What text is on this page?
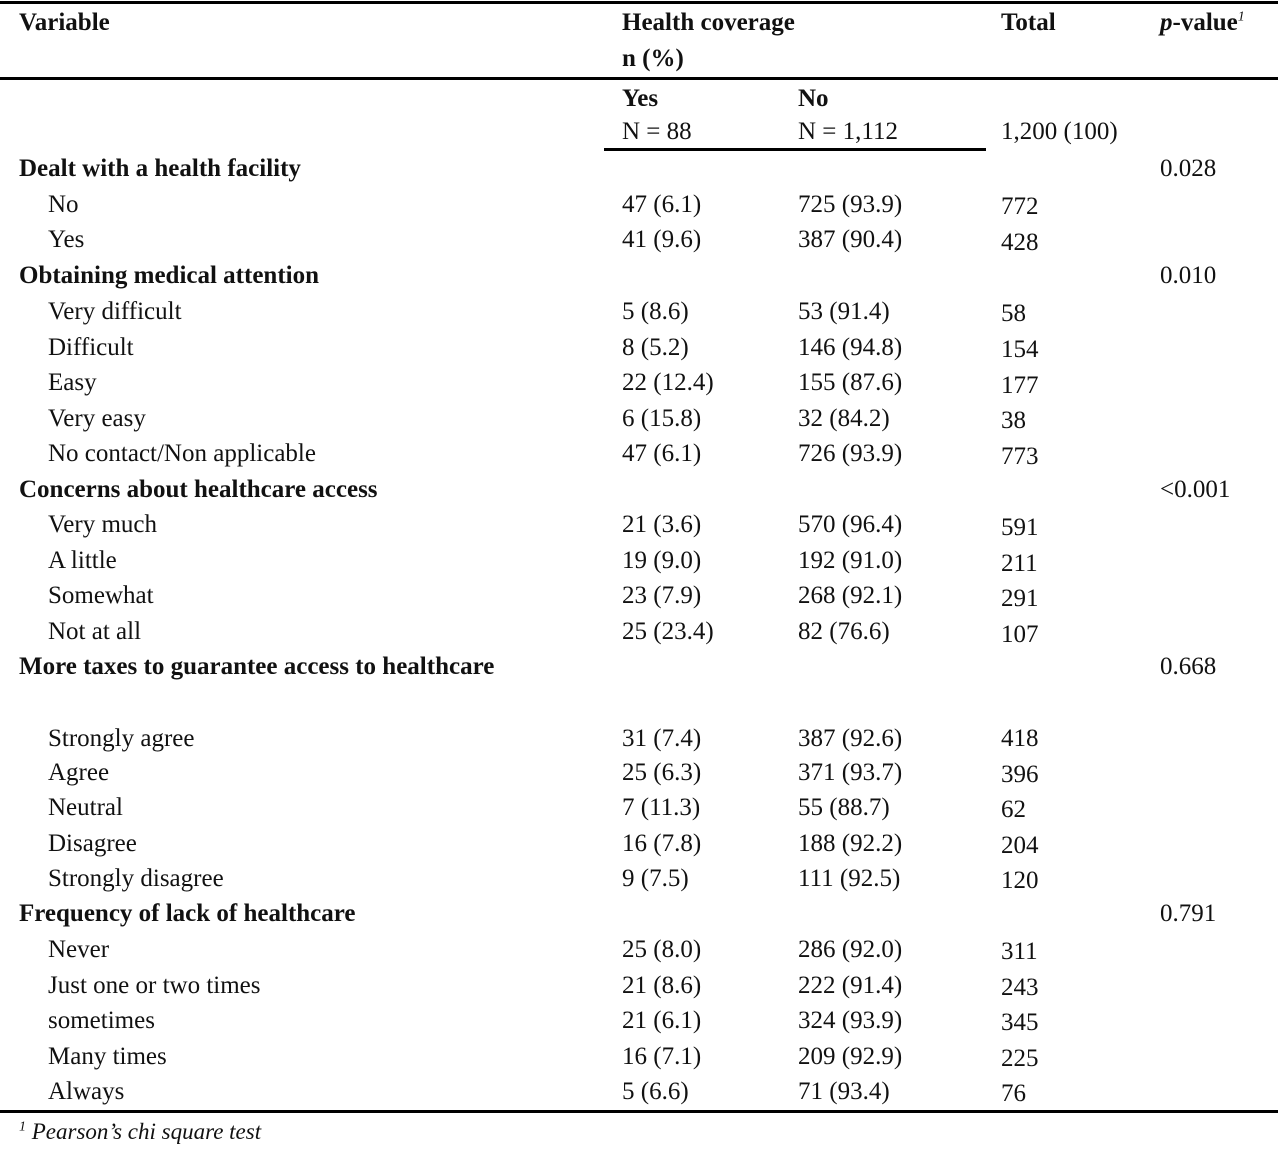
Variable	Health coverage
n (%)
Total	p-value$^1$
Yes	No
N = 88	N = 1,112	1,200 (100)
Dealt with a health facility	0.028
No	47 (6.1)	725 (93.9)	772
Yes	41 (9.6)	387 (90.4)	428
Obtaining medical attention	0.010
Very difficult	5 (8.6)	53 (91.4)	58
Difficult	8 (5.2)	146 (94.8)	154
Easy	22 (12.4)	155 (87.6)	177
Very easy	6 (15.8)	32 (84.2)	38
No contact/Non applicable	47 (6.1)	726 (93.9)	773
Concerns about healthcare access	<0.001
Very much	21 (3.6)	570 (96.4)	591
A little	19 (9.0)	192 (91.0)	211
Somewhat	23 (7.9)	268 (92.1)	291
Not at all	25 (23.4)	82 (76.6)	107
More taxes to guarantee access to healthcare	0.668
Strongly agree	31 (7.4)	387 (92.6)	418
Agree	25 (6.3)	371 (93.7)	396
Neutral	7 (11.3)	55 (88.7)	62
Disagree	16 (7.8)	188 (92.2)	204
Strongly disagree	9 (7.5)	111 (92.5)	120
Frequency of lack of healthcare	0.791
Never	25 (8.0)	286 (92.0)	311
Just one or two times	21 (8.6)	222 (91.4)	243
sometimes	21 (6.1)	324 (93.9)	345
Many times	16 (7.1)	209 (92.9)	225
Always	5 (6.6)	71 (93.4)	76
$^1$ Pearson’s chi square test
